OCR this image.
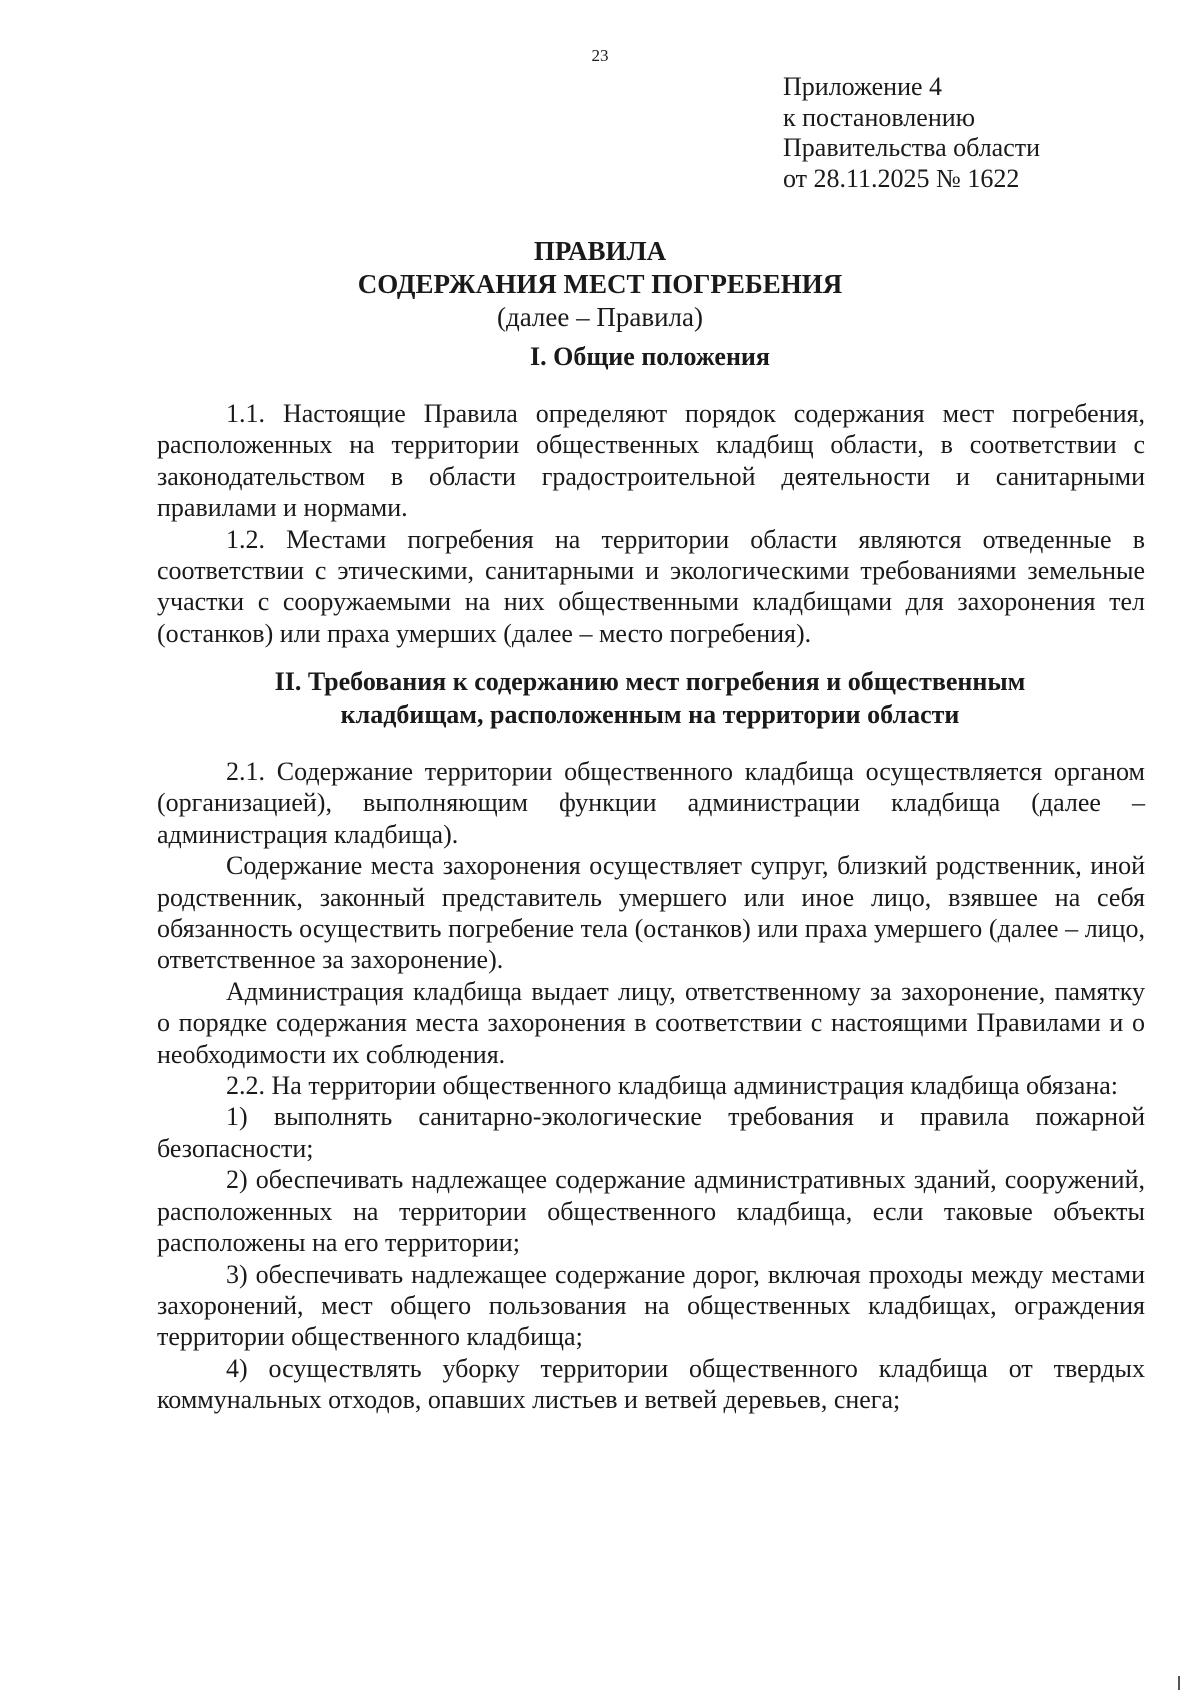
23
Приложение 4
к постановлению
Правительства области
от 28.11.2025 № 1622
ПРАВИЛА
СОДЕРЖАНИЯ МЕСТ ПОГРЕБЕНИЯ
(далее – Правила)
I. Общие положения

1.1. Настоящие Правила определяют порядок содержания мест погребения, расположенных на территории общественных кладбищ области, в соответствии с законодательством в области градостроительной деятельности и санитарными правилами и нормами.

1.2. Местами погребения на территории области являются отведенные в соответствии с этическими, санитарными и экологическими требованиями земельные участки с сооружаемыми на них общественными кладбищами для захоронения тел (останков) или праха умерших (далее – место погребения).

II. Требования к содержанию мест погребения и общественным
кладбищам, расположенным на территории области

2.1. Содержание территории общественного кладбища осуществляется органом (организацией), выполняющим функции администрации кладбища (далее – администрация кладбища).

Содержание места захоронения осуществляет супруг, близкий родственник, иной родственник, законный представитель умершего или иное лицо, взявшее на себя обязанность осуществить погребение тела (останков) или праха умершего (далее – лицо, ответственное за захоронение).

Администрация кладбища выдает лицу, ответственному за захоронение, памятку о порядке содержания места захоронения в соответствии с настоящими Правилами и о необходимости их соблюдения.

2.2. На территории общественного кладбища администрация кладбища обязана:

1) выполнять санитарно-экологические требования и правила пожарной безопасности;

2) обеспечивать надлежащее содержание административных зданий, сооружений, расположенных на территории общественного кладбища, если таковые объекты расположены на его территории;

3) обеспечивать надлежащее содержание дорог, включая проходы между местами захоронений, мест общего пользования на общественных кладбищах, ограждения территории общественного кладбища;

4) осуществлять уборку территории общественного кладбища от твердых коммунальных отходов, опавших листьев и ветвей деревьев, снега;
